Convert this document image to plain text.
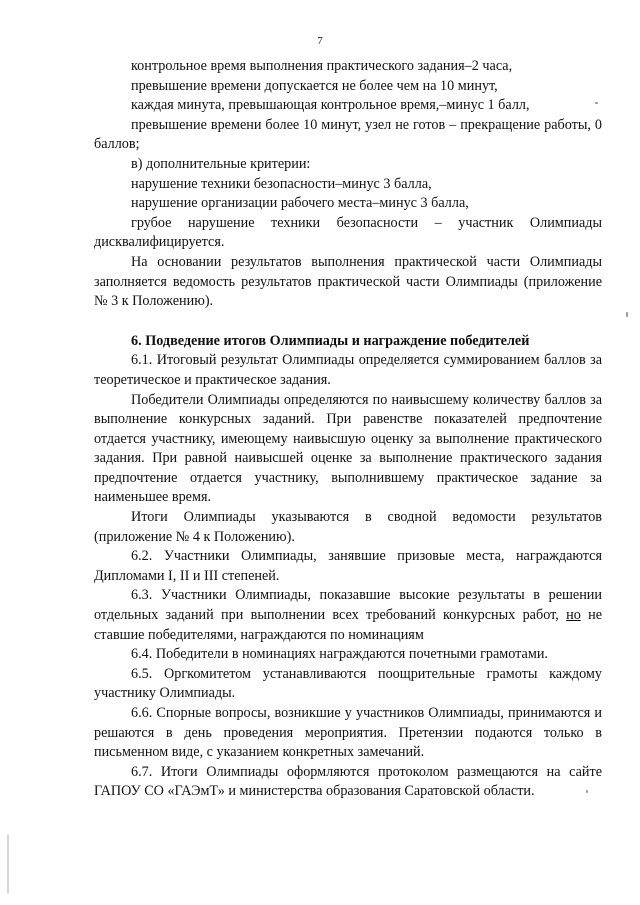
7

контрольное время выполнения практического задания–2 часа,

превышение времени допускается не более чем на 10 минут,

каждая минута, превышающая контрольное время,–минус 1 балл,

превышение времени более 10 минут, узел не готов – прекращение работы, 0 баллов;

в) дополнительные критерии:

нарушение техники безопасности–минус 3 балла,

нарушение организации рабочего места–минус 3 балла,

грубое нарушение техники безопасности – участник Олимпиады дисквалифицируется.

На основании результатов выполнения практической части Олимпиады заполняется ведомость результатов практической части Олимпиады (приложение № 3 к Положению).

6. Подведение итогов Олимпиады и награждение победителей

6.1. Итоговый результат Олимпиады определяется суммированием баллов за теоретическое и практическое задания.

Победители Олимпиады определяются по наивысшему количеству баллов за выполнение конкурсных заданий. При равенстве показателей предпочтение отдается участнику, имеющему наивысшую оценку за выполнение практического задания. При равной наивысшей оценке за выполнение практического задания предпочтение отдается участнику, выполнившему практическое задание за наименьшее время.

Итоги Олимпиады указываются в сводной ведомости результатов (приложение № 4 к Положению).

6.2. Участники Олимпиады, занявшие призовые места, награждаются Дипломами I, II и III степеней.

6.3. Участники Олимпиады, показавшие высокие результаты в решении отдельных заданий при выполнении всех требований конкурсных работ, но не ставшие победителями, награждаются по номинациям

6.4. Победители в номинациях награждаются почетными грамотами.

6.5. Оргкомитетом устанавливаются поощрительные грамоты каждому участнику Олимпиады.

6.6. Спорные вопросы, возникшие у участников Олимпиады, принимаются и решаются в день проведения мероприятия. Претензии подаются только в письменном виде, с указанием конкретных замечаний.

6.7. Итоги Олимпиады оформляются протоколом размещаются на сайте ГАПОУ СО «ГАЭмТ» и министерства образования Саратовской области.
